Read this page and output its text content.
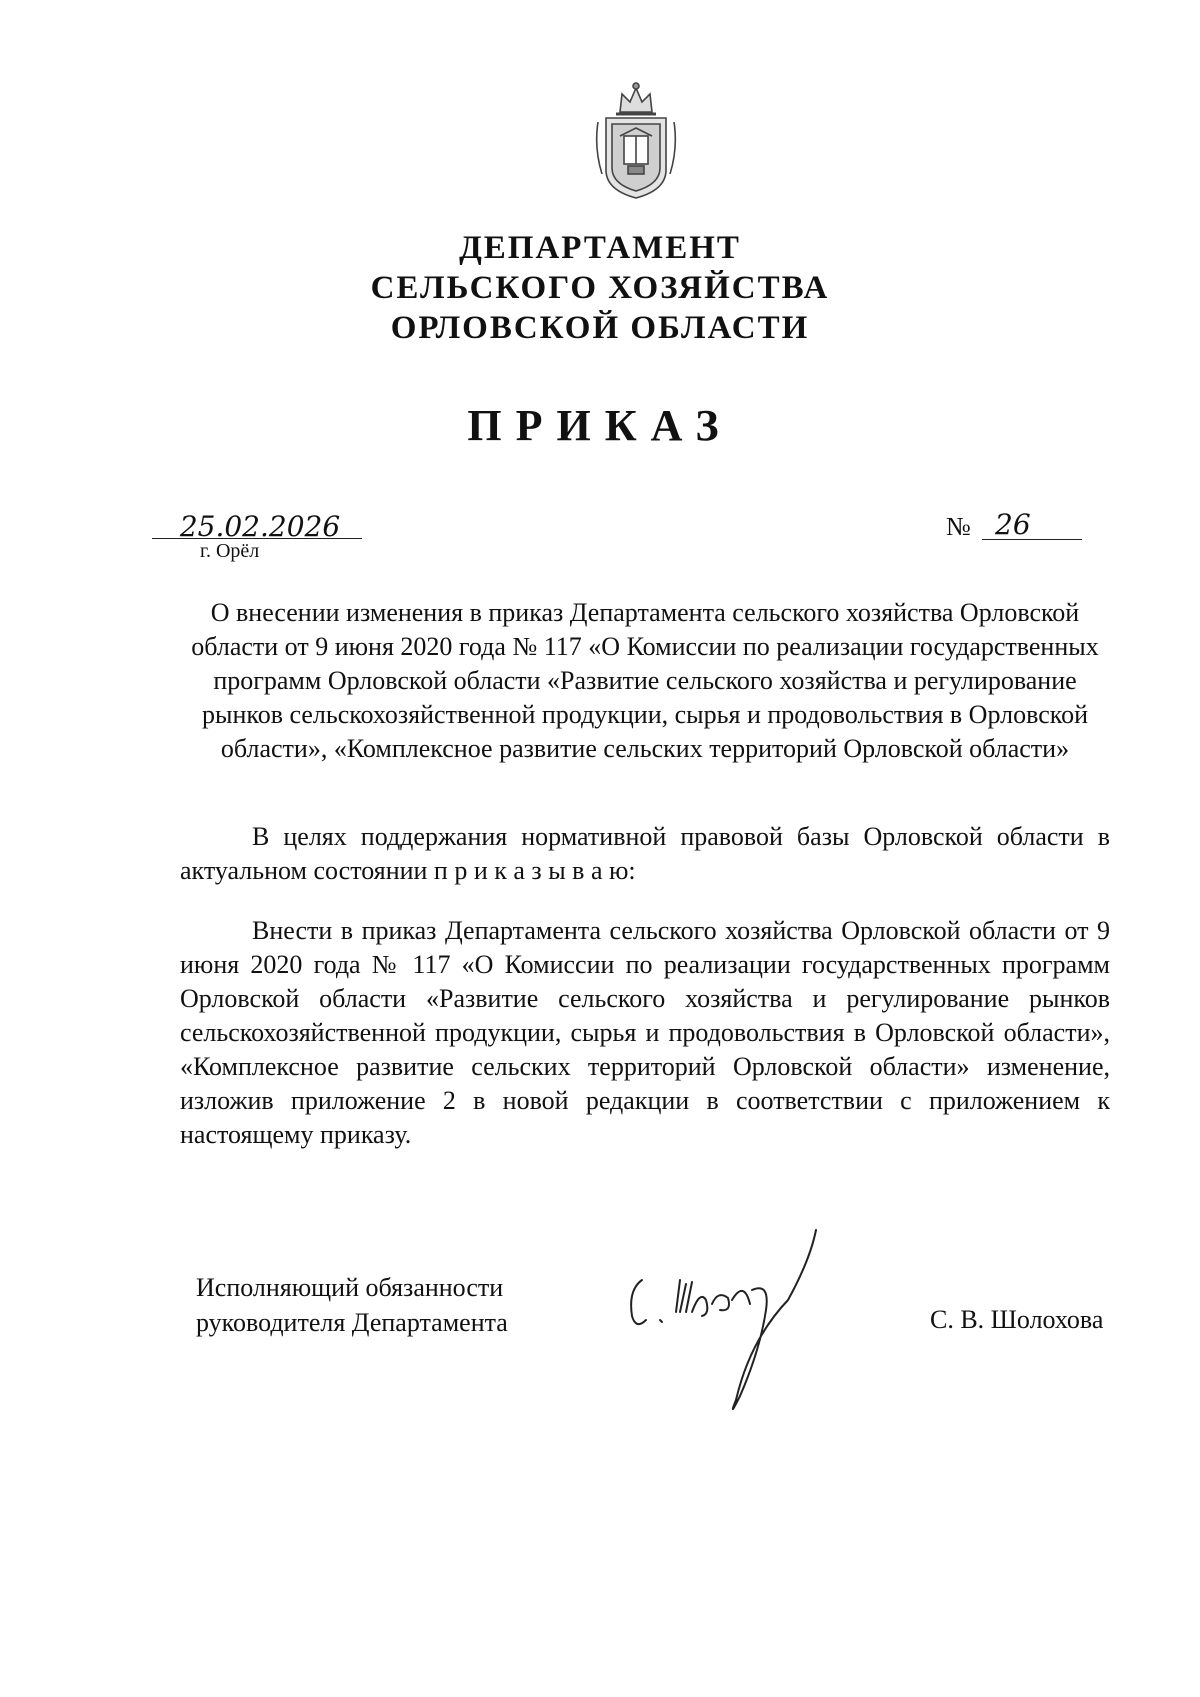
ДЕПАРТАМЕНТ
СЕЛЬСКОГО ХОЗЯЙСТВА
ОРЛОВСКОЙ ОБЛАСТИ
ПРИКАЗ
25.02.2026
г. Орёл
№ 26
О внесении изменения в приказ Департамента сельского хозяйства Орловской области от 9 июня 2020 года № 117 «О Комиссии по реализации государственных программ Орловской области «Развитие сельского хозяйства и регулирование рынков сельскохозяйственной продукции, сырья и продовольствия в Орловской области», «Комплексное развитие сельских территорий Орловской области»
В целях поддержания нормативной правовой базы Орловской области в актуальном состоянии п р и к а з ы в а ю:
Внести в приказ Департамента сельского хозяйства Орловской области от 9 июня 2020 года № 117 «О Комиссии по реализации государственных программ Орловской области «Развитие сельского хозяйства и регулирование рынков сельскохозяйственной продукции, сырья и продовольствия в Орловской области», «Комплексное развитие сельских территорий Орловской области» изменение, изложив приложение 2 в новой редакции в соответствии с приложением к настоящему приказу.
Исполняющий обязанности
руководителя Департамента	С. В. Шолохова
